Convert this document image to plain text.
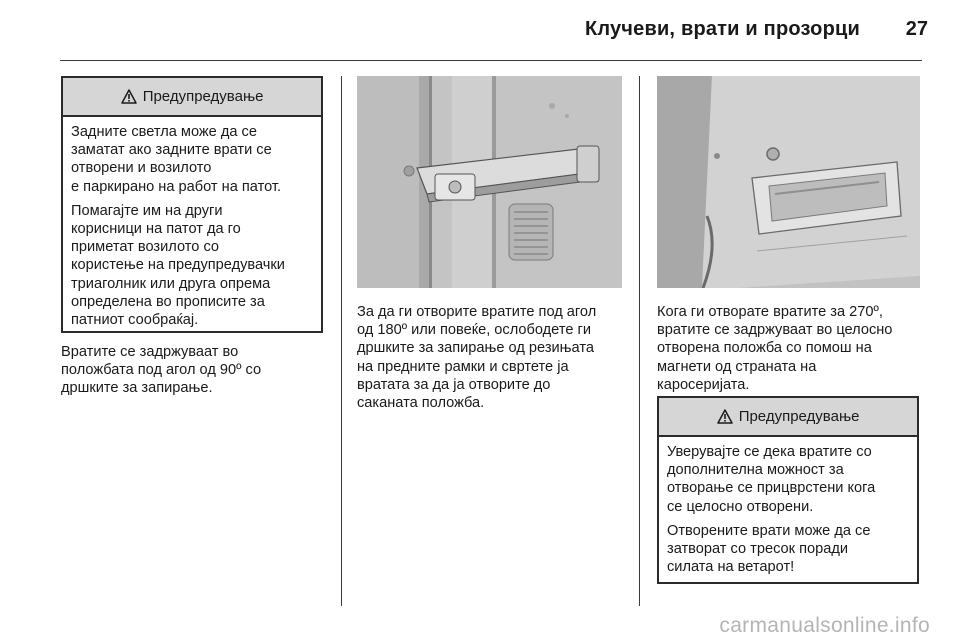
Клучеви, врати и прозорци	27
Предупредување

Задните светла може да се
заматат ако задните врати се
отворени и возилото
е паркирано на работ на патот.

Помагајте им на други
корисници на патот да го
приметат возилото со
користење на предупредувачки
триаголник или друга опрема
определена во прописите за
патниот сообраќај.

Вратите се задржуваат во
положбата под агол од 90º со
дршките за запирање.

За да ги отворите вратите под агол
од 180º или повеќе, ослободете ги
дршките за запирање од резињата
на предните рамки и свртете ја
вратата за да ја отворите до
саканата положба.

Кога ги отворате вратите за 270º,
вратите се задржуваат во целосно
отворена положба со помош на
магнети од страната на
каросеријата.

Предупредување

Уверувајте се дека вратите со
дополнителна можност за
отворање се прицврстени кога
се целосно отворени.

Отворените врати може да се
затворат со тресок поради
силата на ветарот!

carmanualsonline.info
